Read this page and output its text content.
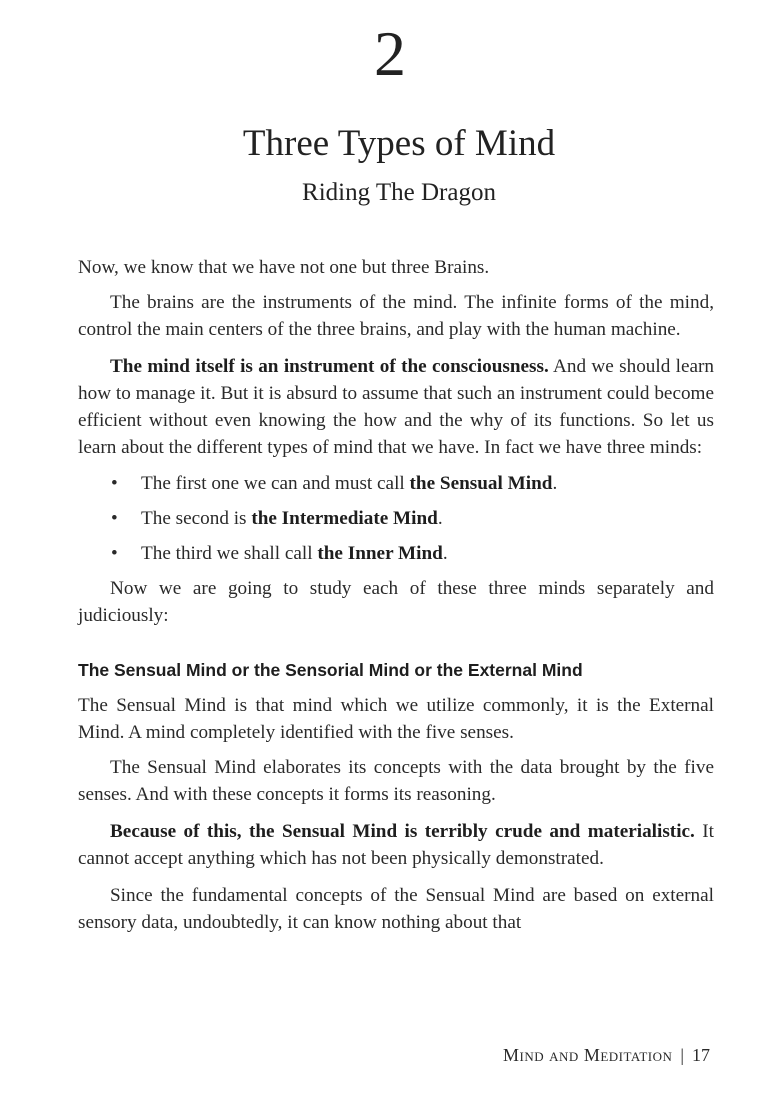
2
Three Types of Mind
Riding The Dragon

Now, we know that we have not one but three Brains.

The brains are the instruments of the mind. The infinite forms of the mind, control the main centers of the three brains, and play with the human machine.

The mind itself is an instrument of the consciousness. And we should learn how to manage it. But it is absurd to assume that such an instrument could become efficient without even knowing the how and the why of its functions. So let us learn about the different types of mind that we have. In fact we have three minds:

• The first one we can and must call the Sensual Mind.
• The second is the Intermediate Mind.
• The third we shall call the Inner Mind.

Now we are going to study each of these three minds separately and judiciously:

The Sensual Mind or the Sensorial Mind or the External Mind

The Sensual Mind is that mind which we utilize commonly, it is the External Mind. A mind completely identified with the five senses.

The Sensual Mind elaborates its concepts with the data brought by the five senses. And with these concepts it forms its reasoning.

Because of this, the Sensual Mind is terribly crude and materialistic. It cannot accept anything which has not been physically demonstrated.

Since the fundamental concepts of the Sensual Mind are based on external sensory data, undoubtedly, it can know nothing about that

Mind and Meditation | 17
